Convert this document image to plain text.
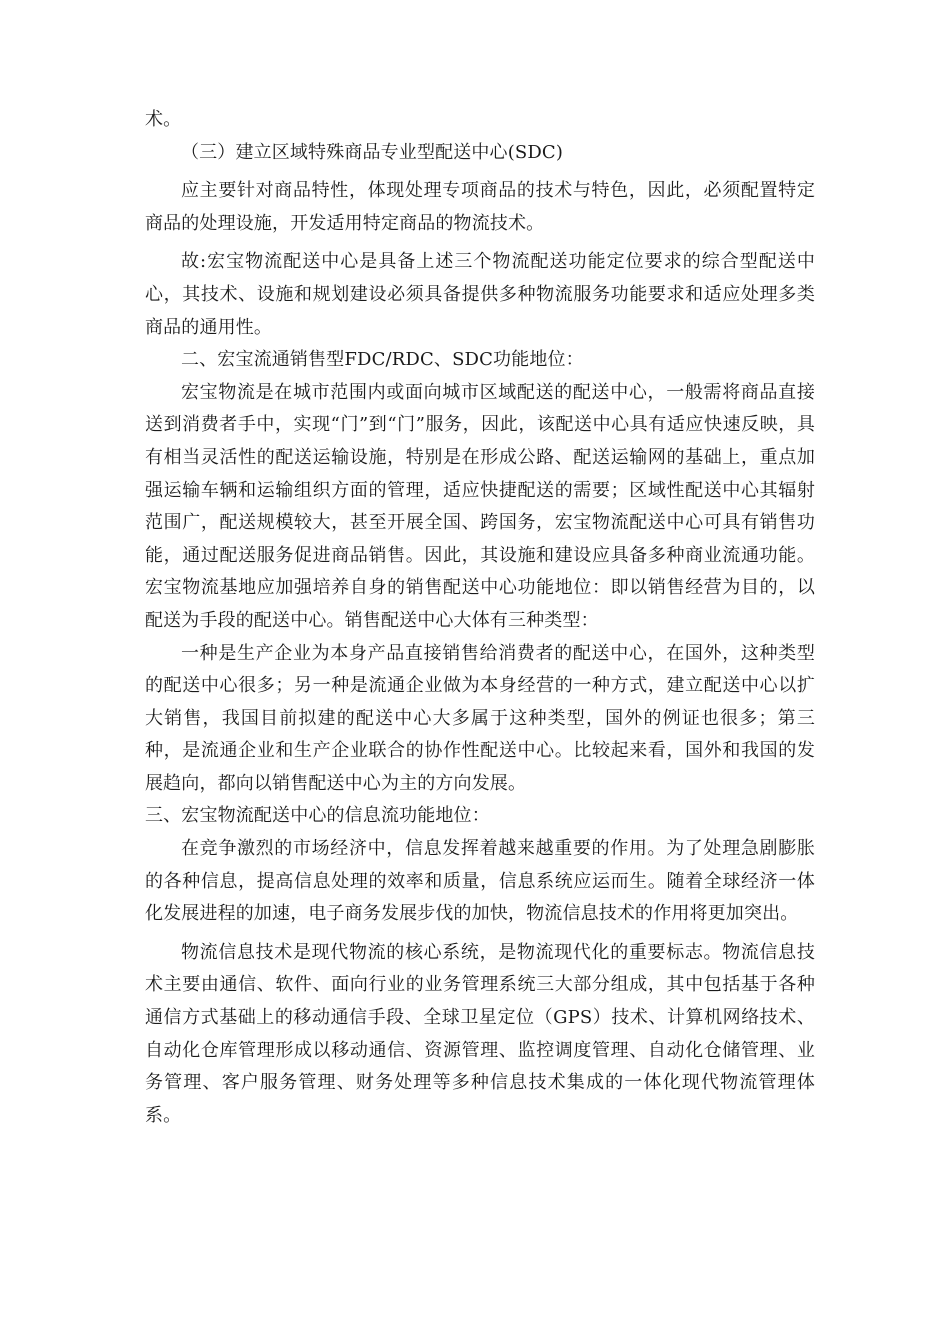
术。

（三）建立区域特殊商品专业型配送中心(SDC)

应主要针对商品特性，体现处理专项商品的技术与特色，因此，必须配置特定商品的处理设施，开发适用特定商品的物流技术。

故:宏宝物流配送中心是具备上述三个物流配送功能定位要求的综合型配送中心，其技术、设施和规划建设必须具备提供多种物流服务功能要求和适应处理多类商品的通用性。

二、宏宝流通销售型FDC/RDC、SDC功能地位：

宏宝物流是在城市范围内或面向城市区域配送的配送中心，一般需将商品直接送到消费者手中，实现“门”到“门”服务，因此，该配送中心具有适应快速反映，具有相当灵活性的配送运输设施，特别是在形成公路、配送运输网的基础上，重点加强运输车辆和运输组织方面的管理，适应快捷配送的需要；区域性配送中心其辐射范围广，配送规模较大，甚至开展全国、跨国务，宏宝物流配送中心可具有销售功能，通过配送服务促进商品销售。因此，其设施和建设应具备多种商业流通功能。宏宝物流基地应加强培养自身的销售配送中心功能地位：即以销售经营为目的，以配送为手段的配送中心。销售配送中心大体有三种类型：

一种是生产企业为本身产品直接销售给消费者的配送中心，在国外，这种类型的配送中心很多；另一种是流通企业做为本身经营的一种方式，建立配送中心以扩大销售，我国目前拟建的配送中心大多属于这种类型，国外的例证也很多；第三种，是流通企业和生产企业联合的协作性配送中心。比较起来看，国外和我国的发展趋向，都向以销售配送中心为主的方向发展。

三、宏宝物流配送中心的信息流功能地位：

在竞争激烈的市场经济中，信息发挥着越来越重要的作用。为了处理急剧膨胀的各种信息，提高信息处理的效率和质量，信息系统应运而生。随着全球经济一体化发展进程的加速，电子商务发展步伐的加快，物流信息技术的作用将更加突出。

物流信息技术是现代物流的核心系统，是物流现代化的重要标志。物流信息技术主要由通信、软件、面向行业的业务管理系统三大部分组成，其中包括基于各种通信方式基础上的移动通信手段、全球卫星定位（GPS）技术、计算机网络技术、自动化仓库管理形成以移动通信、资源管理、监控调度管理、自动化仓储管理、业务管理、客户服务管理、财务处理等多种信息技术集成的一体化现代物流管理体系。
